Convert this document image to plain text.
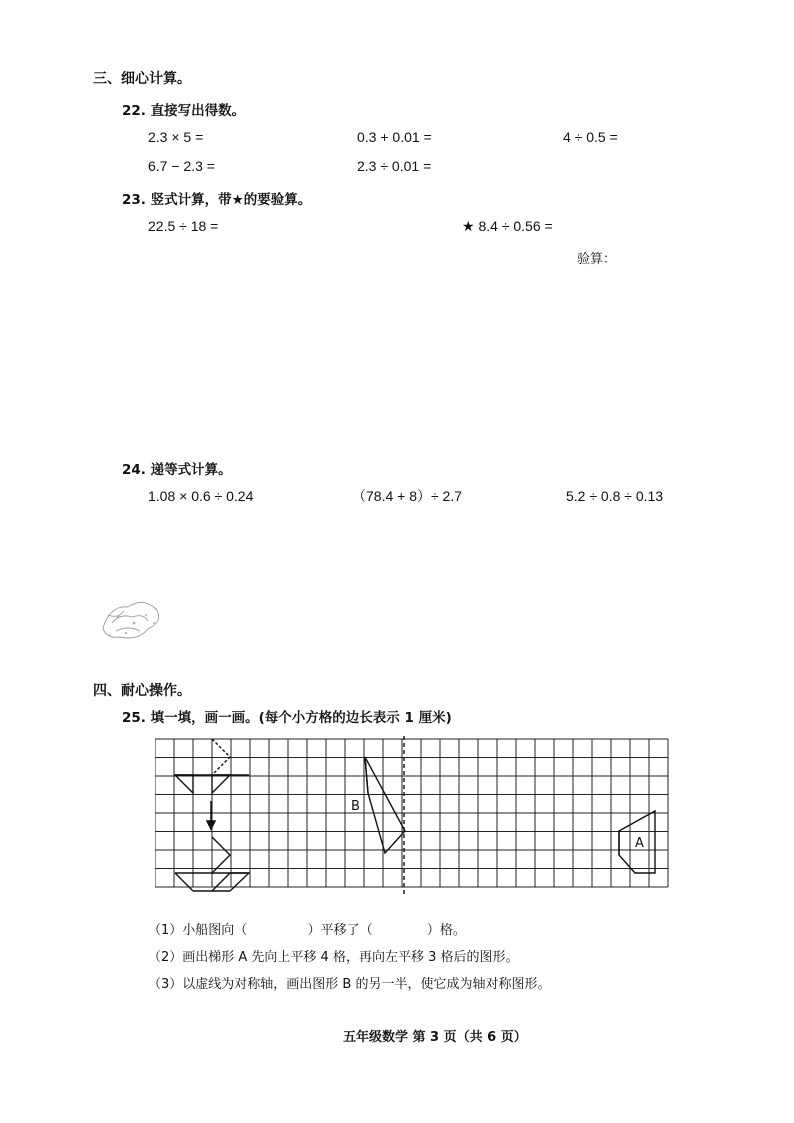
三、细心计算。
22. 直接写出得数。
2.3 × 5 =	0.3 + 0.01 =	4 ÷ 0.5 =
6.7 − 2.3 =	2.3 ÷ 0.01 =
23. 竖式计算，带★的要验算。
22.5 ÷ 18 =	★ 8.4 ÷ 0.56 =
验算：
24. 递等式计算。
1.08 × 0.6 ÷ 0.24	（78.4 + 8）÷ 2.7	5.2 ÷ 0.8 ÷ 0.13
四、耐心操作。
25. 填一填，画一画。(每个小方格的边长表示 1 厘米)
B
A
（1）小船图向（	）平移了（	）格。
（2）画出梯形 A 先向上平移 4 格，再向左平移 3 格后的图形。
（3）以虚线为对称轴，画出图形 B 的另一半，使它成为轴对称图形。
五年级数学 第 3 页（共 6 页）
